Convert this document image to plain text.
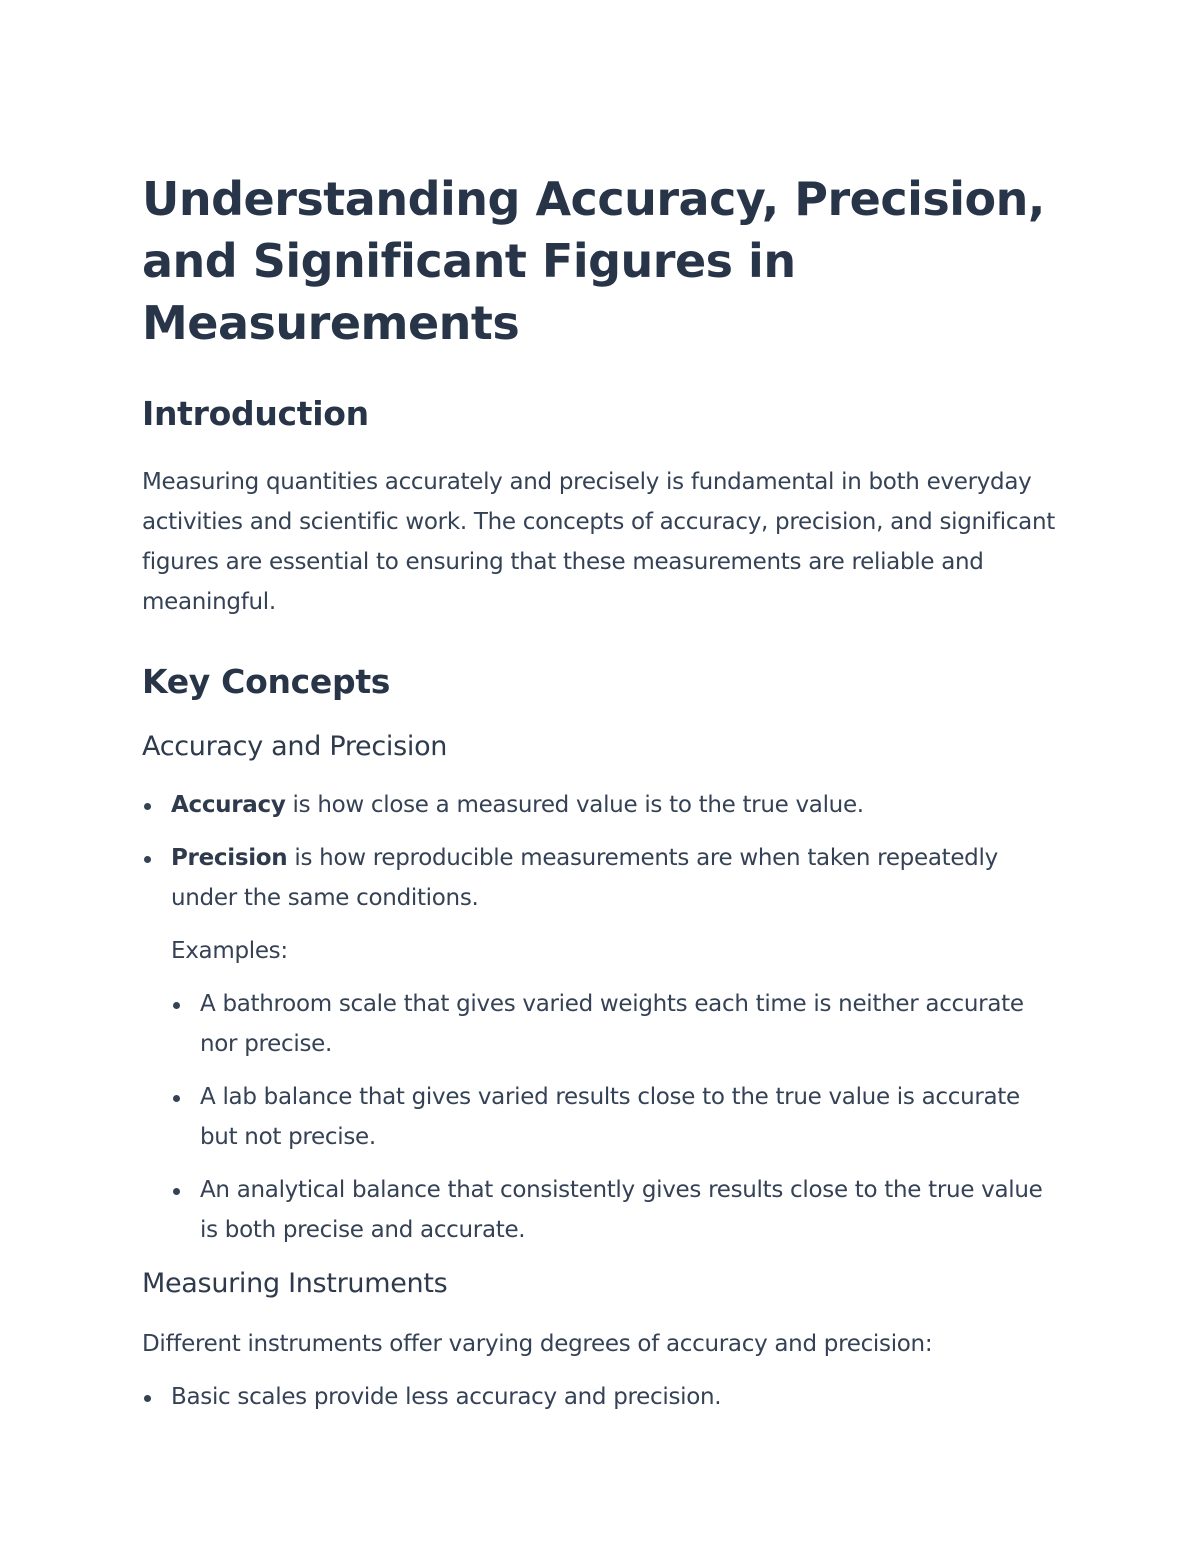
Understanding Accuracy, Precision, and Significant Figures in Measurements
Introduction

Measuring quantities accurately and precisely is fundamental in both everyday activities and scientific work. The concepts of accuracy, precision, and significant figures are essential to ensuring that these measurements are reliable and meaningful.

Key Concepts
Accuracy and Precision
Accuracy is how close a measured value is to the true value.
Precision is how reproducible measurements are when taken repeatedly under the same conditions.

Examples:

A bathroom scale that gives varied weights each time is neither accurate nor precise.
A lab balance that gives varied results close to the true value is accurate but not precise.
An analytical balance that consistently gives results close to the true value is both precise and accurate.
Measuring Instruments

Different instruments offer varying degrees of accuracy and precision:

Basic scales provide less accuracy and precision.
